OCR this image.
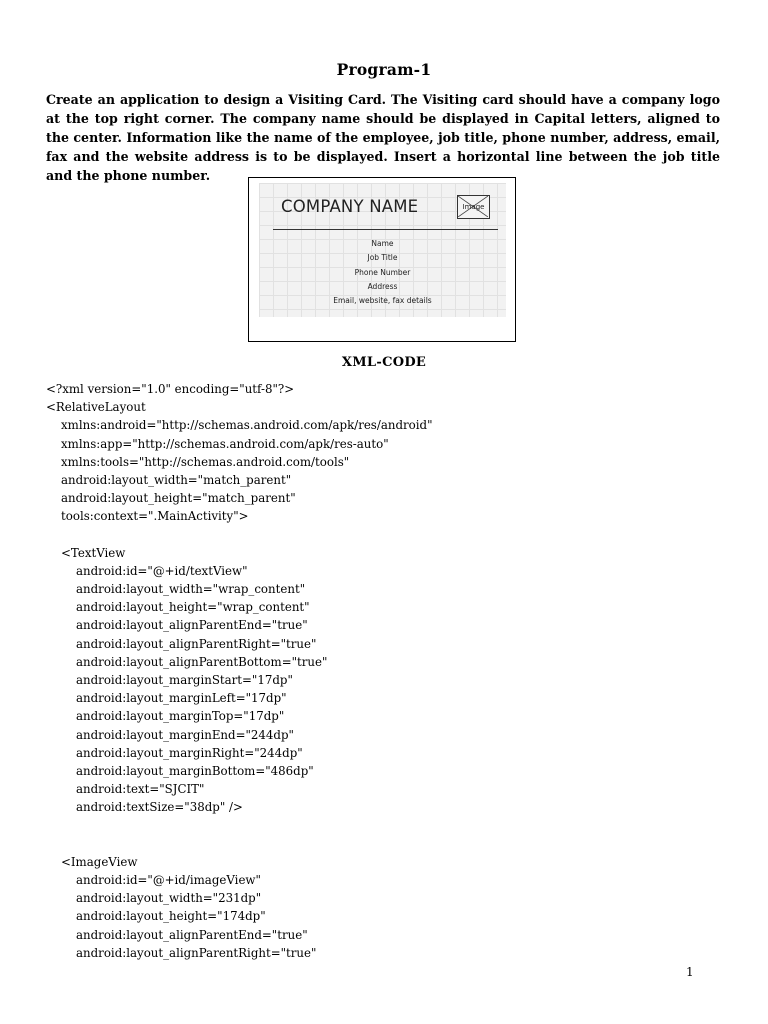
Program-1
Create an application to design a Visiting Card. The Visiting card should have a company logo at the top right corner. The company name should be displayed in Capital letters, aligned to the center. Information like the name of the employee, job title, phone number, address, email, fax and the website address is to be displayed. Insert a horizontal line between the job title and the phone number.
COMPANY NAME	Image
Name
Job Title
Phone Number
Address
Email, website, fax details
XML-CODE
<?xml version="1.0" encoding="utf-8"?>
<RelativeLayout
xmlns:android="http://schemas.android.com/apk/res/android"
xmlns:app="http://schemas.android.com/apk/res-auto"
xmlns:tools="http://schemas.android.com/tools"
android:layout_width="match_parent"
android:layout_height="match_parent"
tools:context=".MainActivity">
<TextView
android:id="@+id/textView"
android:layout_width="wrap_content"
android:layout_height="wrap_content"
android:layout_alignParentEnd="true"
android:layout_alignParentRight="true"
android:layout_alignParentBottom="true"
android:layout_marginStart="17dp"
android:layout_marginLeft="17dp"
android:layout_marginTop="17dp"
android:layout_marginEnd="244dp"
android:layout_marginRight="244dp"
android:layout_marginBottom="486dp"
android:text="SJCIT"
android:textSize="38dp" />
<ImageView
android:id="@+id/imageView"
android:layout_width="231dp"
android:layout_height="174dp"
android:layout_alignParentEnd="true"
android:layout_alignParentRight="true"
1
